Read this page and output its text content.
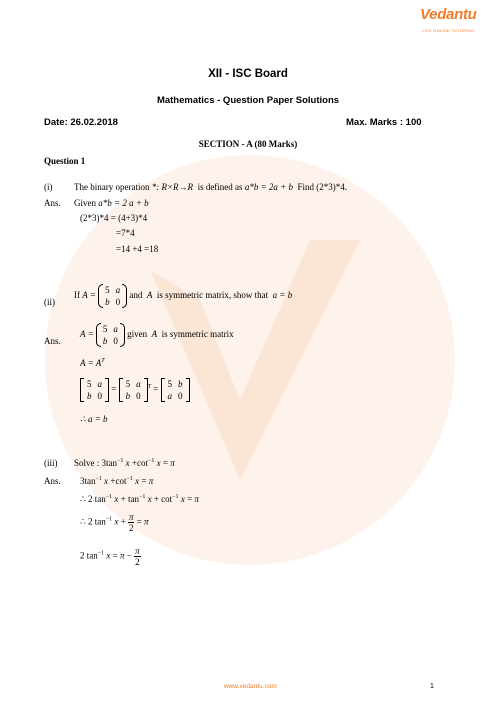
Vedantu
LIVE ONLINE TUTORING
XII - ISC Board
Mathematics - Question Paper Solutions
Date: 26.02.2018	Max. Marks : 100
SECTION - A (80 Marks)
Question 1
(i) The binary operation *: R×R→R is defined as a*b = 2a + b Find (2*3)*4.
Ans. Given a*b = 2 a + b
(2*3)*4 = (4+3)*4
=7*4
=14 +4 =18
(ii)
If A =
5	a
b	0
and A is symmetric matrix, show that a = b
Ans.
A =
5	a
b	0
given A is symmetric matrix
$A = A^T$
5	a
b	0
=
5	a
b	0
$^T$ =
5	b
a	0
∴ a = b
(iii) Solve : $3\tan^{-1}$ $x +\cot^{-1}$ x = π
Ans. $3\tan^{-1}$ $x +\cot^{-1}$ x = π
∴ 2 $\tan^{-1} x + \tan^{-1} x + \cot^{-1} x = \pi$
∴ 2 $\tan^{-1} x + \frac{\pi}{2} = \pi$
2 $\tan^{-1} x = \pi - \frac{\pi}{2}$
www.vedantu.com	1
